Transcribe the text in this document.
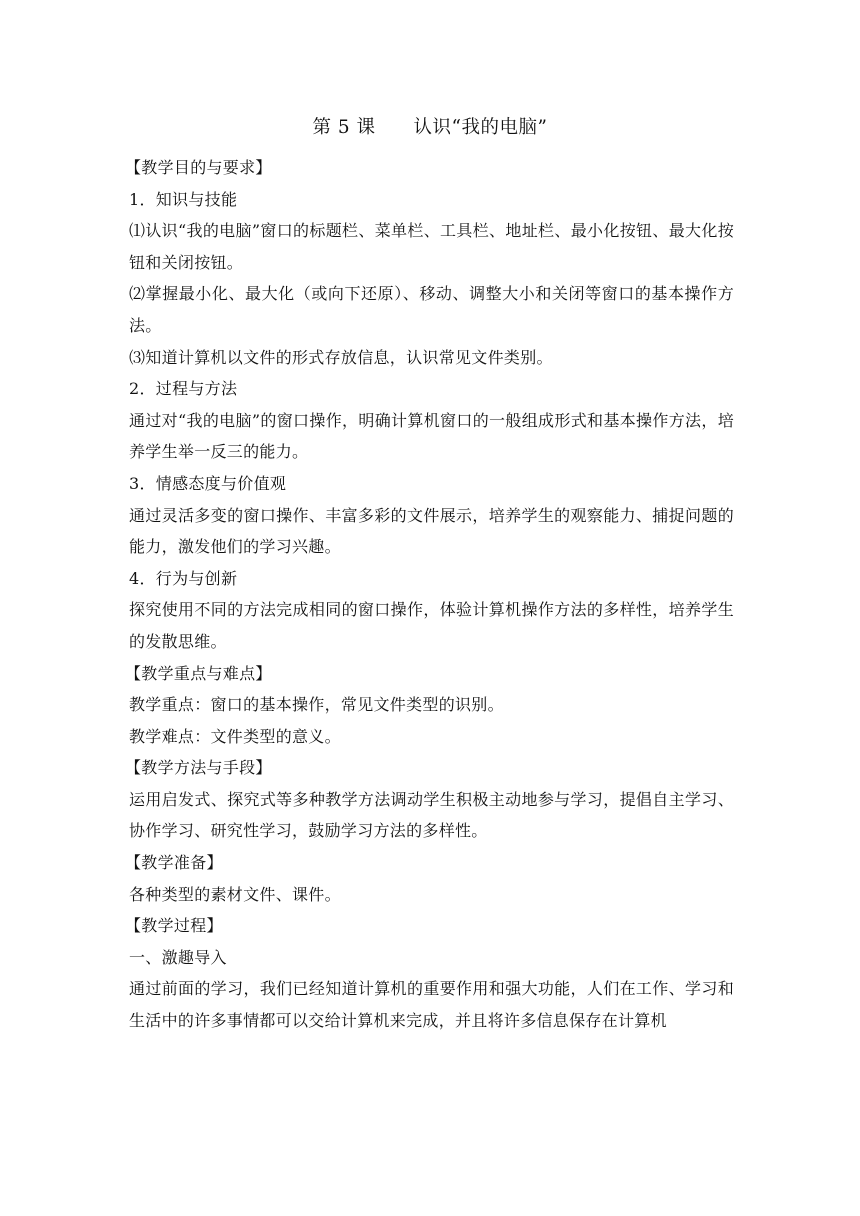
第 5 课　　认识“我的电脑”

【教学目的与要求】

1．知识与技能

⑴认识“我的电脑”窗口的标题栏、菜单栏、工具栏、地址栏、最小化按钮、最大化按钮和关闭按钮。

⑵掌握最小化、最大化（或向下还原）、移动、调整大小和关闭等窗口的基本操作方法。

⑶知道计算机以文件的形式存放信息，认识常见文件类别。

2．过程与方法

通过对“我的电脑”的窗口操作，明确计算机窗口的一般组成形式和基本操作方法，培养学生举一反三的能力。

3．情感态度与价值观

通过灵活多变的窗口操作、丰富多彩的文件展示，培养学生的观察能力、捕捉问题的能力，激发他们的学习兴趣。

4．行为与创新

探究使用不同的方法完成相同的窗口操作，体验计算机操作方法的多样性，培养学生的发散思维。

【教学重点与难点】

教学重点：窗口的基本操作，常见文件类型的识别。

教学难点：文件类型的意义。

【教学方法与手段】

运用启发式、探究式等多种教学方法调动学生积极主动地参与学习，提倡自主学习、协作学习、研究性学习，鼓励学习方法的多样性。

【教学准备】

各种类型的素材文件、课件。

【教学过程】

一、激趣导入

通过前面的学习，我们已经知道计算机的重要作用和强大功能，人们在工作、学习和生活中的许多事情都可以交给计算机来完成，并且将许多信息保存在计算机
